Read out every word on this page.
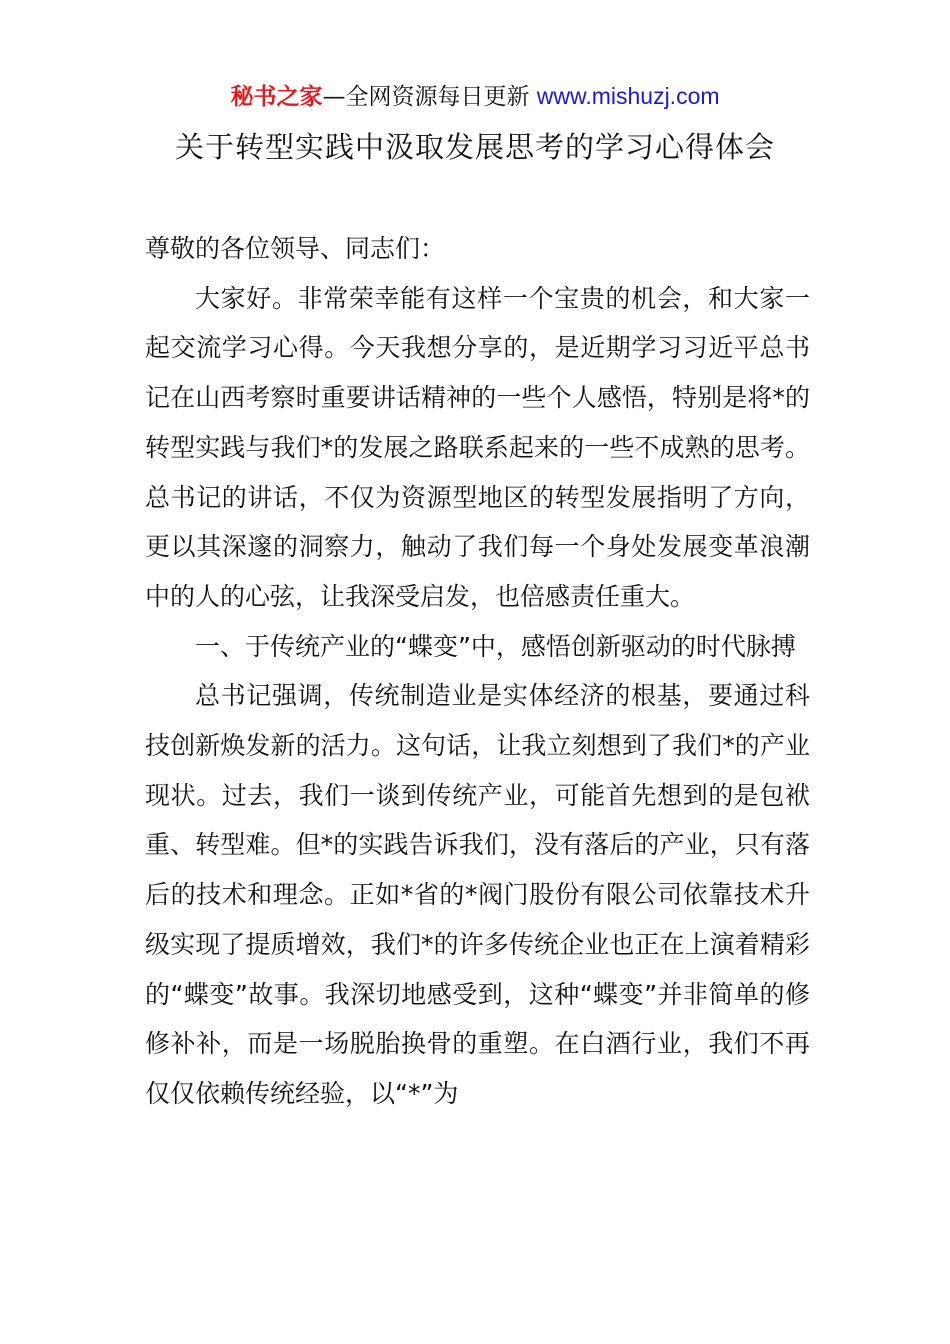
秘书之家—全网资源每日更新 www.mishuzj.com
关于转型实践中汲取发展思考的学习心得体会

尊敬的各位领导、同志们：

大家好。非常荣幸能有这样一个宝贵的机会，和大家一起交流学习心得。今天我想分享的，是近期学习习近平总书记在山西考察时重要讲话精神的一些个人感悟，特别是将*的转型实践与我们*的发展之路联系起来的一些不成熟的思考。总书记的讲话，不仅为资源型地区的转型发展指明了方向，更以其深邃的洞察力，触动了我们每一个身处发展变革浪潮中的人的心弦，让我深受启发，也倍感责任重大。

一、于传统产业的“蝶变”中，感悟创新驱动的时代脉搏

总书记强调，传统制造业是实体经济的根基，要通过科技创新焕发新的活力。这句话，让我立刻想到了我们*的产业现状。过去，我们一谈到传统产业，可能首先想到的是包袱重、转型难。但*的实践告诉我们，没有落后的产业，只有落后的技术和理念。正如*省的*阀门股份有限公司依靠技术升级实现了提质增效，我们*的许多传统企业也正在上演着精彩的“蝶变”故事。我深切地感受到，这种“蝶变”并非简单的修修补补，而是一场脱胎换骨的重塑。在白酒行业，我们不再仅仅依赖传统经验，以“*”为
